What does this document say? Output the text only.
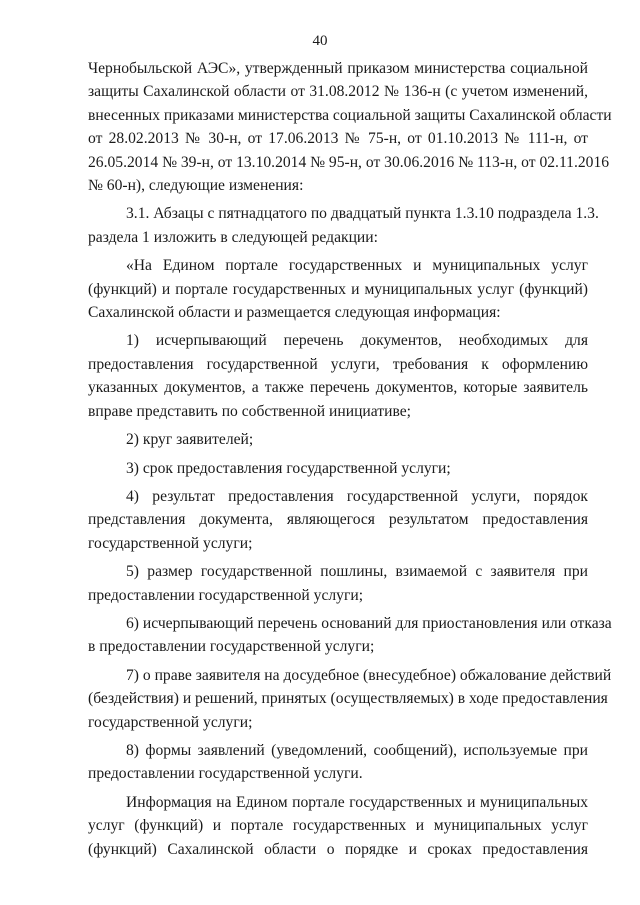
40
Чернобыльской АЭС», утвержденный приказом министерства социальной
защиты Сахалинской области от 31.08.2012 № 136-н (с учетом изменений,
внесенных приказами министерства социальной защиты Сахалинской области
от 28.02.2013 № 30-н, от 17.06.2013 № 75-н, от 01.10.2013 № 111-н, от
26.05.2014 № 39-н, от 13.10.2014 № 95-н, от 30.06.2016 № 113-н, от 02.11.2016
№ 60-н), следующие изменения:
3.1. Абзацы с пятнадцатого по двадцатый пункта 1.3.10 подраздела 1.3.
раздела 1 изложить в следующей редакции:
«На Едином портале государственных и муниципальных услуг
(функций) и портале государственных и муниципальных услуг (функций)
Сахалинской области и размещается следующая информация:
1) исчерпывающий перечень документов, необходимых для
предоставления государственной услуги, требования к оформлению
указанных документов, а также перечень документов, которые заявитель
вправе представить по собственной инициативе;
2) круг заявителей;
3) срок предоставления государственной услуги;
4) результат предоставления государственной услуги, порядок
представления документа, являющегося результатом предоставления
государственной услуги;
5) размер государственной пошлины, взимаемой с заявителя при
предоставлении государственной услуги;
6) исчерпывающий перечень оснований для приостановления или отказа
в предоставлении государственной услуги;
7) о праве заявителя на досудебное (внесудебное) обжалование действий
(бездействия) и решений, принятых (осуществляемых) в ходе предоставления
государственной услуги;
8) формы заявлений (уведомлений, сообщений), используемые при
предоставлении государственной услуги.
Информация на Едином портале государственных и муниципальных
услуг (функций) и портале государственных и муниципальных услуг
(функций) Сахалинской области о порядке и сроках предоставления
